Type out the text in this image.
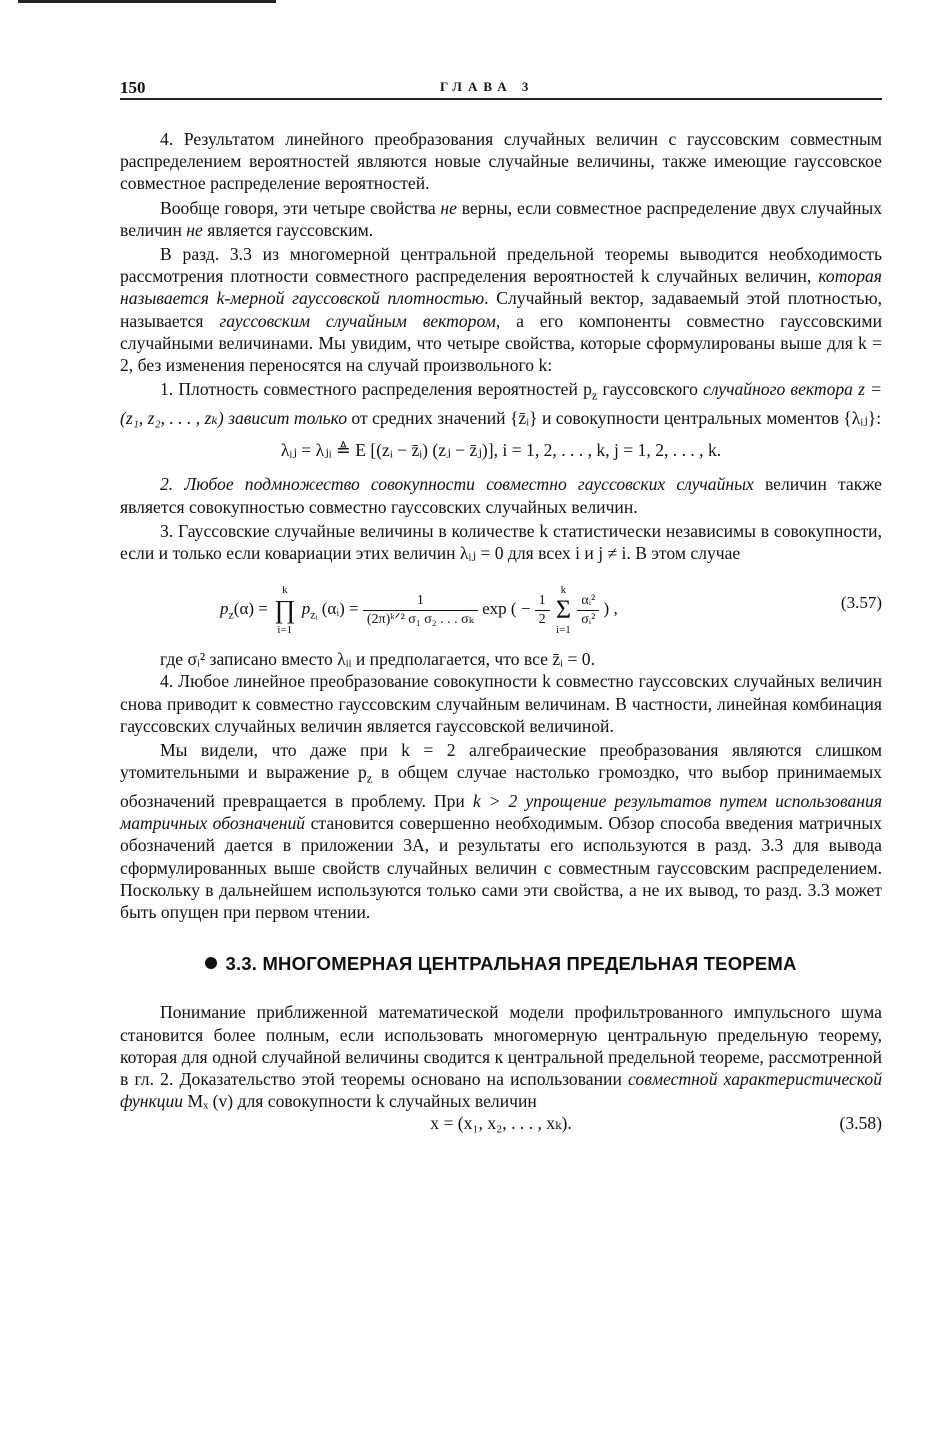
150	ГЛАВА 3

4. Результатом линейного преобразования случайных величин с гауссовским совместным распределением вероятностей являются новые случайные величины, также имеющие гауссовское совместное распределение вероятностей.

Вообще говоря, эти четыре свойства не верны, если совместное распределение двух случайных величин не является гауссовским.

В разд. 3.3 из многомерной центральной предельной теоремы выводится необходимость рассмотрения плотности совместного распределения вероятностей k случайных величин, которая называется k-мерной гауссовской плотностью. Случайный вектор, задаваемый этой плотностью, называется гауссовским случайным вектором, а его компоненты совместно гауссовскими случайными величинами. Мы увидим, что четыре свойства, которые сформулированы выше для k = 2, без изменения переносятся на случай произвольного k:

1. Плотность совместного распределения вероятностей $p_z$ гауссовского случайного вектора z = (z₁, z₂, . . . , zₖ) зависит только от средних значений {z̄ᵢ} и совокупности центральных моментов {λᵢⱼ}:

λᵢⱼ = λⱼᵢ ≜ E [(zᵢ − z̄ᵢ) (zⱼ − z̄ⱼ)], i = 1, 2, . . . , k, j = 1, 2, . . . , k.

2. Любое подмножество совокупности совместно гауссовских случайных величин также является совокупностью совместно гауссовских случайных величин.

3. Гауссовские случайные величины в количестве k статистически независимы в совокупности, если и только если ковариации этих величин λᵢⱼ = 0 для всех i и j ≠ i. В этом случае

$p_z(\alpha)$ =
k
∏
i=1
$p_{zᵢ}$ (αᵢ) = $\frac{1}{\text{(2π)ᵏᐟ² σ₁ σ₂ . . . σₖ}}$ exp ( − $\frac{1}{2}$

k
Σ
i=1

$\frac{\text{αᵢ²}}{\text{σᵢ²}}$ ) ,	(3.57)

где σᵢ² записано вместо λᵢᵢ и предполагается, что все z̄ᵢ = 0.

4. Любое линейное преобразование совокупности k совместно гауссовских случайных величин снова приводит к совместно гауссовским случайным величинам. В частности, линейная комбинация гауссовских случайных величин является гауссовской величиной.

Мы видели, что даже при k = 2 алгебраические преобразования являются слишком утомительными и выражение $p_z$ в общем случае настолько громоздко, что выбор принимаемых обозначений превращается в проблему. При k > 2 упрощение результатов путем использования матричных обозначений становится совершенно необходимым. Обзор способа введения матричных обозначений дается в приложении 3А, и результаты его используются в разд. 3.3 для вывода сформулированных выше свойств случайных величин с совместным гауссовским распределением. Поскольку в дальнейшем используются только сами эти свойства, а не их вывод, то разд. 3.3 может быть опущен при первом чтении.

3.3. МНОГОМЕРНАЯ ЦЕНТРАЛЬНАЯ ПРЕДЕЛЬНАЯ ТЕОРЕМА

Понимание приближенной математической модели профильтрованного импульсного шума становится более полным, если использовать многомерную центральную предельную теорему, которая для одной случайной величины сводится к центральной предельной теореме, рассмотренной в гл. 2. Доказательство этой теоремы основано на использовании совместной характеристической функции Mₓ (v) для совокупности k случайных величин

x = (x₁, x₂, . . . , xₖ).	(3.58)
